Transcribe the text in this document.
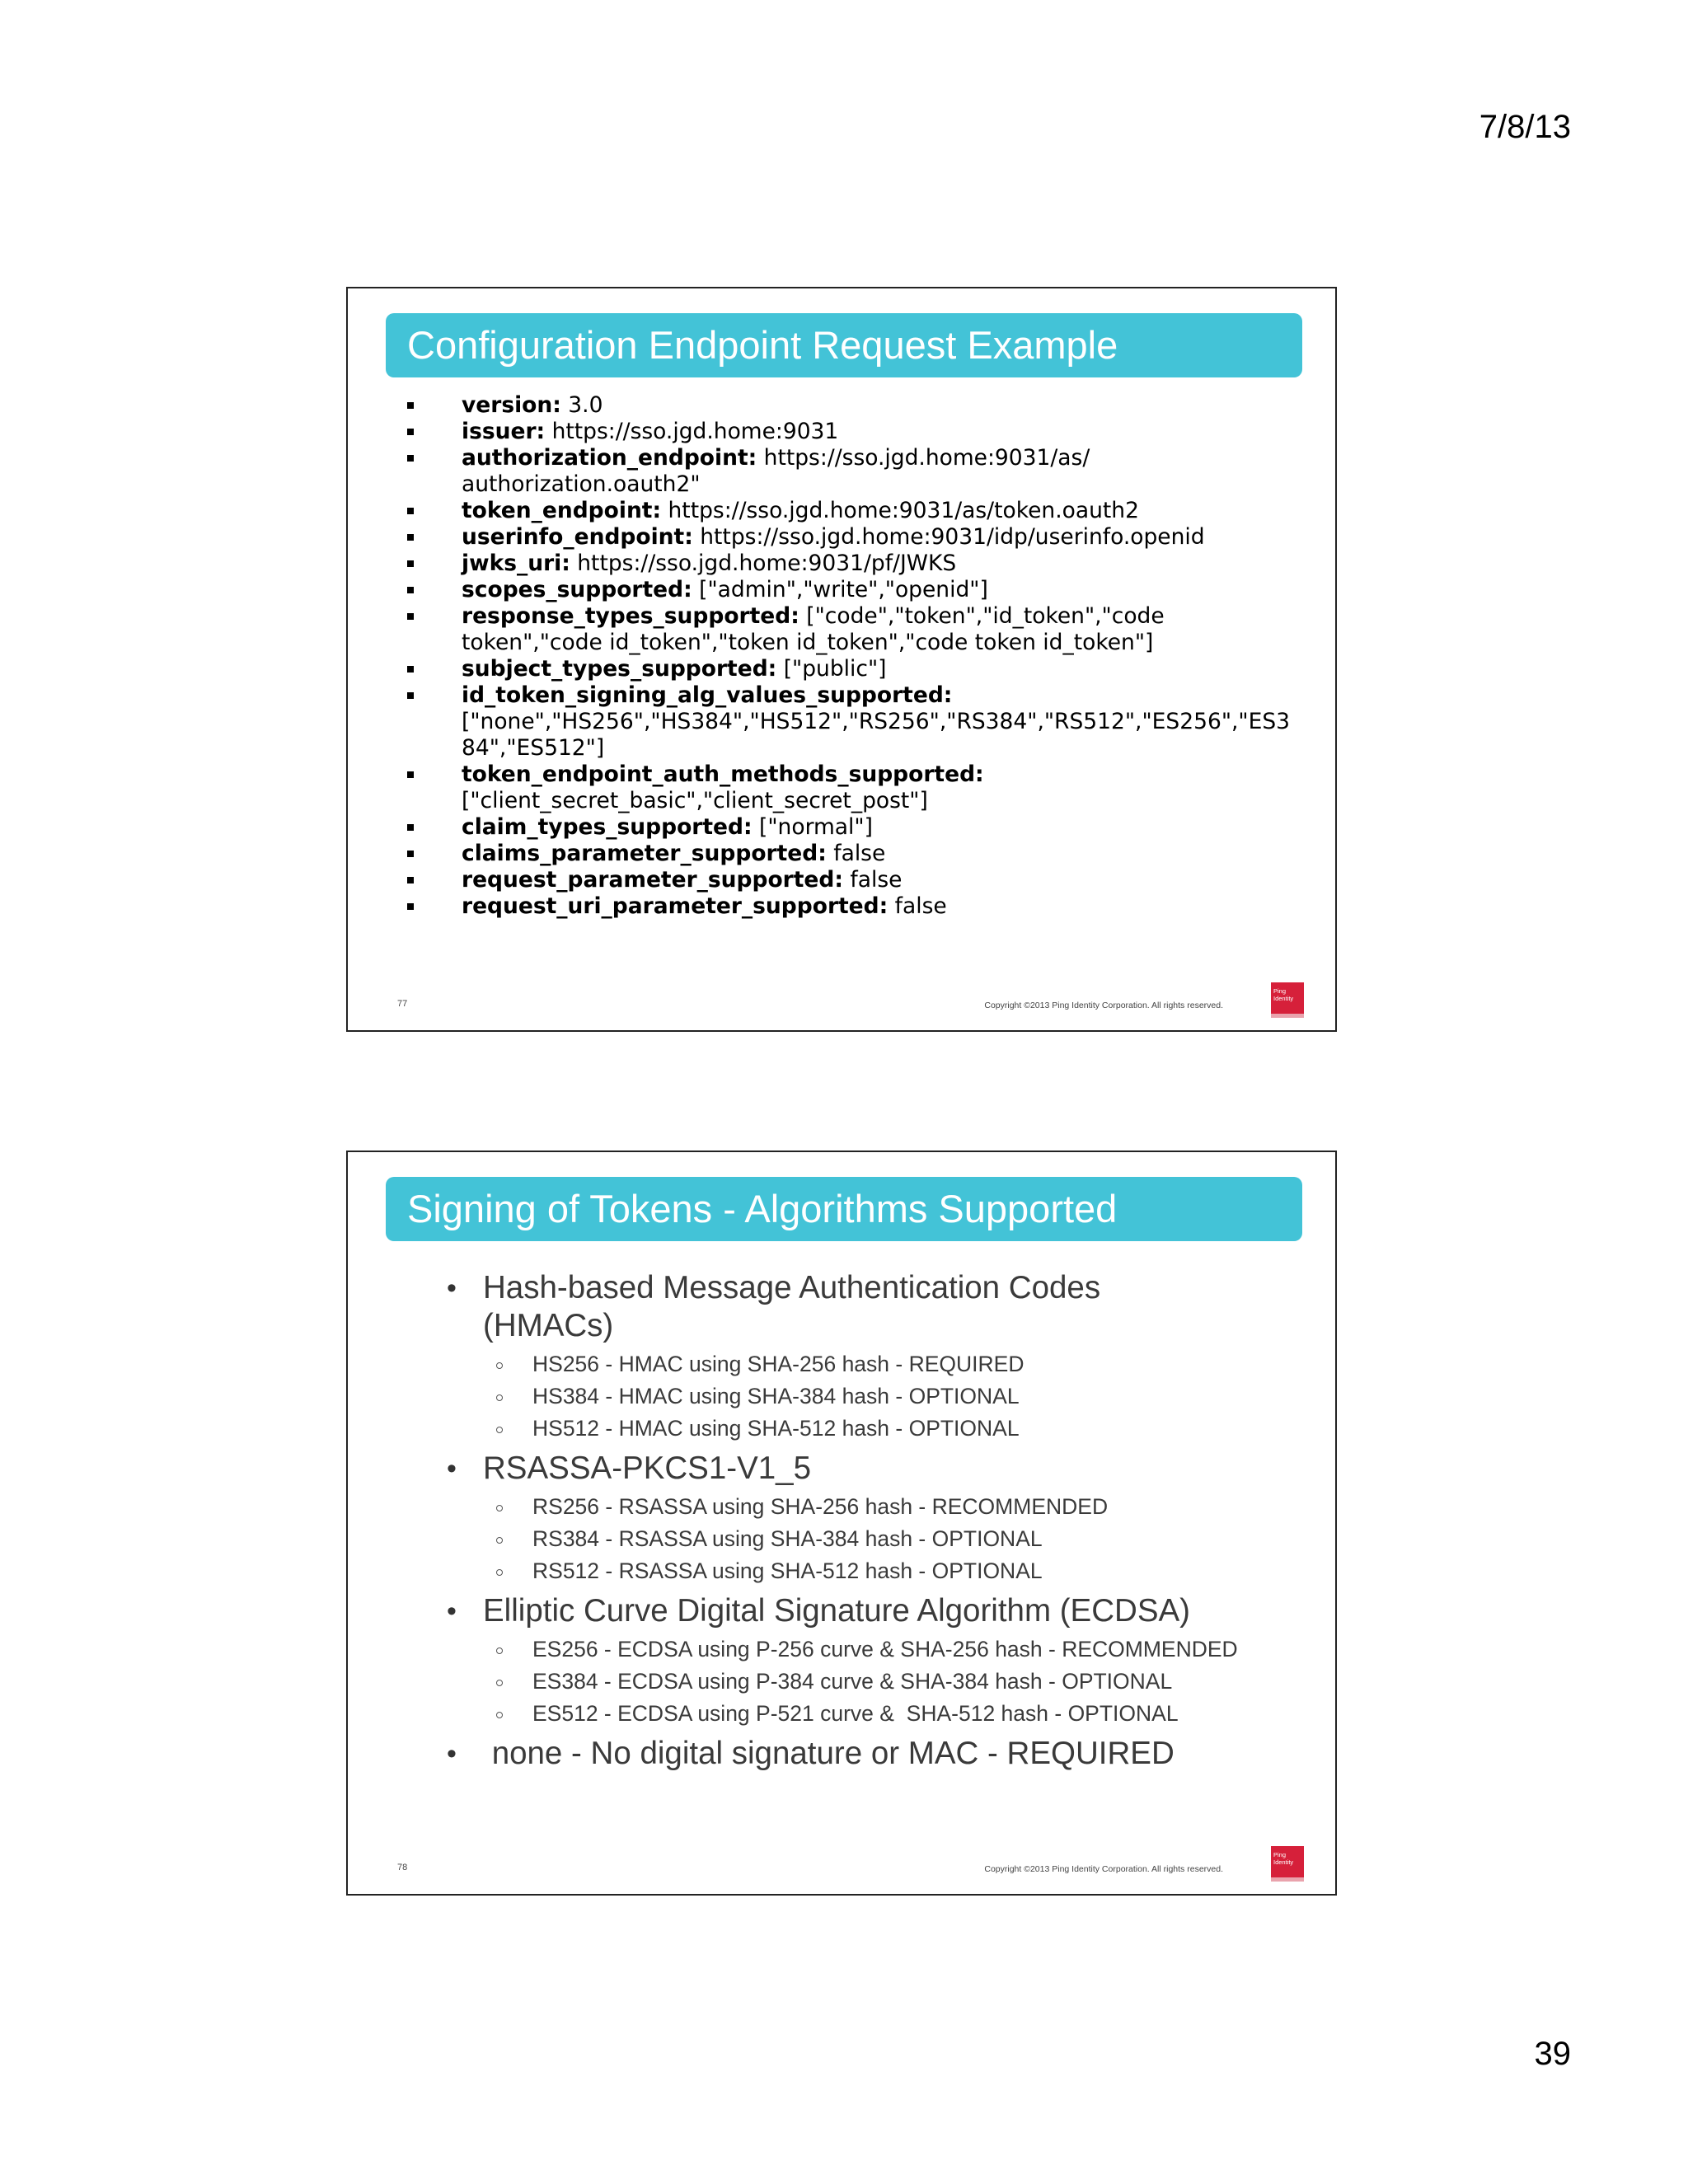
7/8/13
Configuration Endpoint Request Example
version: 3.0
issuer: https://sso.jgd.home:9031
authorization_endpoint: https://sso.jgd.home:9031/as/
authorization.oauth2"
token_endpoint: https://sso.jgd.home:9031/as/token.oauth2
userinfo_endpoint: https://sso.jgd.home:9031/idp/userinfo.openid
jwks_uri: https://sso.jgd.home:9031/pf/JWKS
scopes_supported: ["admin","write","openid"]
response_types_supported: ["code","token","id_token","code
token","code id_token","token id_token","code token id_token"]
subject_types_supported: ["public"]
id_token_signing_alg_values_supported:
["none","HS256","HS384","HS512","RS256","RS384","RS512","ES256","ES3
84","ES512"]
token_endpoint_auth_methods_supported:
["client_secret_basic","client_secret_post"]
claim_types_supported: ["normal"]
claims_parameter_supported: false
request_parameter_supported: false
request_uri_parameter_supported: false
77	Copyright ©2013 Ping Identity Corporation. All rights reserved.
Ping
Identity
Signing of Tokens - Algorithms Supported
• Hash-based Message Authentication Codes
(HMACs)
HS256 - HMAC using SHA-256 hash - REQUIRED
HS384 - HMAC using SHA-384 hash - OPTIONAL
HS512 - HMAC using SHA-512 hash - OPTIONAL
• RSASSA-PKCS1-V1_5
RS256 - RSASSA using SHA-256 hash - RECOMMENDED
RS384 - RSASSA using SHA-384 hash - OPTIONAL
RS512 - RSASSA using SHA-512 hash - OPTIONAL
• Elliptic Curve Digital Signature Algorithm (ECDSA)
ES256 - ECDSA using P-256 curve & SHA-256 hash - RECOMMENDED
ES384 - ECDSA using P-384 curve & SHA-384 hash - OPTIONAL
ES512 - ECDSA using P-521 curve &  SHA-512 hash - OPTIONAL
• none - No digital signature or MAC - REQUIRED
78	Copyright ©2013 Ping Identity Corporation. All rights reserved.
Ping
Identity
39
